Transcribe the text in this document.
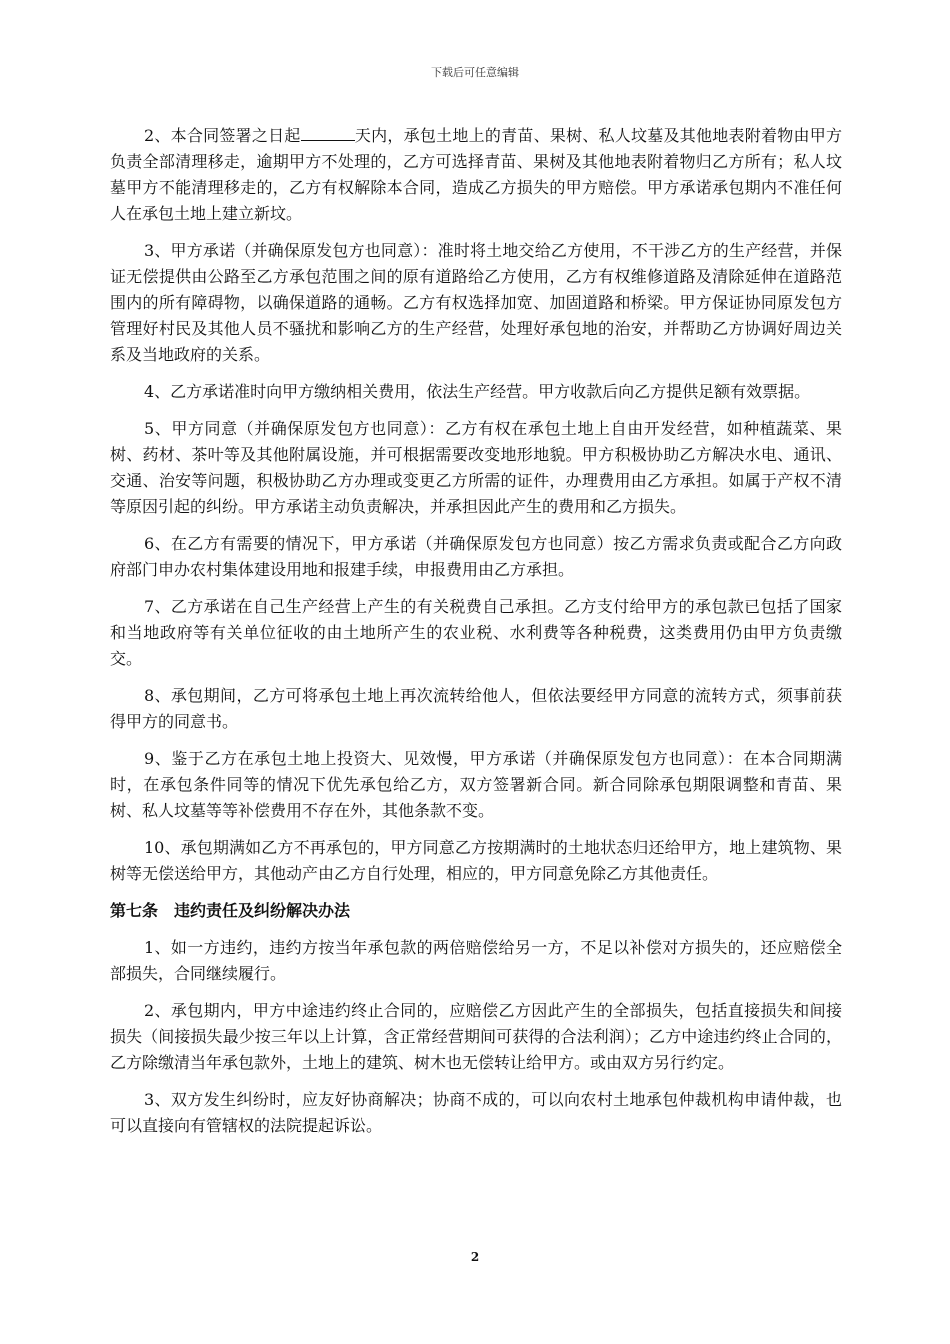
下载后可任意编辑

2、本合同签署之日起	天内，承包土地上的青苗、果树、私人坟墓及其他地表附着物由甲方负责全部清理移走，逾期甲方不处理的，乙方可选择青苗、果树及其他地表附着物归乙方所有；私人坟墓甲方不能清理移走的，乙方有权解除本合同，造成乙方损失的甲方赔偿。甲方承诺承包期内不准任何人在承包土地上建立新坟。

3、甲方承诺（并确保原发包方也同意）：准时将土地交给乙方使用，不干涉乙方的生产经营，并保证无偿提供由公路至乙方承包范围之间的原有道路给乙方使用，乙方有权维修道路及清除延伸在道路范围内的所有障碍物，以确保道路的通畅。乙方有权选择加宽、加固道路和桥梁。甲方保证协同原发包方管理好村民及其他人员不骚扰和影响乙方的生产经营，处理好承包地的治安，并帮助乙方协调好周边关系及当地政府的关系。

4、乙方承诺准时向甲方缴纳相关费用，依法生产经营。甲方收款后向乙方提供足额有效票据。

5、甲方同意（并确保原发包方也同意）：乙方有权在承包土地上自由开发经营，如种植蔬菜、果树、药材、茶叶等及其他附属设施，并可根据需要改变地形地貌。甲方积极协助乙方解决水电、通讯、交通、治安等问题，积极协助乙方办理或变更乙方所需的证件，办理费用由乙方承担。如属于产权不清等原因引起的纠纷。甲方承诺主动负责解决，并承担因此产生的费用和乙方损失。

6、在乙方有需要的情况下，甲方承诺（并确保原发包方也同意）按乙方需求负责或配合乙方向政府部门申办农村集体建设用地和报建手续，申报费用由乙方承担。

7、乙方承诺在自己生产经营上产生的有关税费自己承担。乙方支付给甲方的承包款已包括了国家和当地政府等有关单位征收的由土地所产生的农业税、水利费等各种税费，这类费用仍由甲方负责缴交。

8、承包期间，乙方可将承包土地上再次流转给他人，但依法要经甲方同意的流转方式，须事前获得甲方的同意书。

9、鉴于乙方在承包土地上投资大、见效慢，甲方承诺（并确保原发包方也同意）：在本合同期满时，在承包条件同等的情况下优先承包给乙方，双方签署新合同。新合同除承包期限调整和青苗、果树、私人坟墓等等补偿费用不存在外，其他条款不变。

10、承包期满如乙方不再承包的，甲方同意乙方按期满时的土地状态归还给甲方，地上建筑物、果树等无偿送给甲方，其他动产由乙方自行处理，相应的，甲方同意免除乙方其他责任。

第七条 违约责任及纠纷解决办法

1、如一方违约，违约方按当年承包款的两倍赔偿给另一方，不足以补偿对方损失的，还应赔偿全部损失，合同继续履行。

2、承包期内，甲方中途违约终止合同的，应赔偿乙方因此产生的全部损失，包括直接损失和间接损失（间接损失最少按三年以上计算，含正常经营期间可获得的合法利润）；乙方中途违约终止合同的，乙方除缴清当年承包款外，土地上的建筑、树木也无偿转让给甲方。或由双方另行约定。

3、双方发生纠纷时，应友好协商解决；协商不成的，可以向农村土地承包仲裁机构申请仲裁，也可以直接向有管辖权的法院提起诉讼。

2
